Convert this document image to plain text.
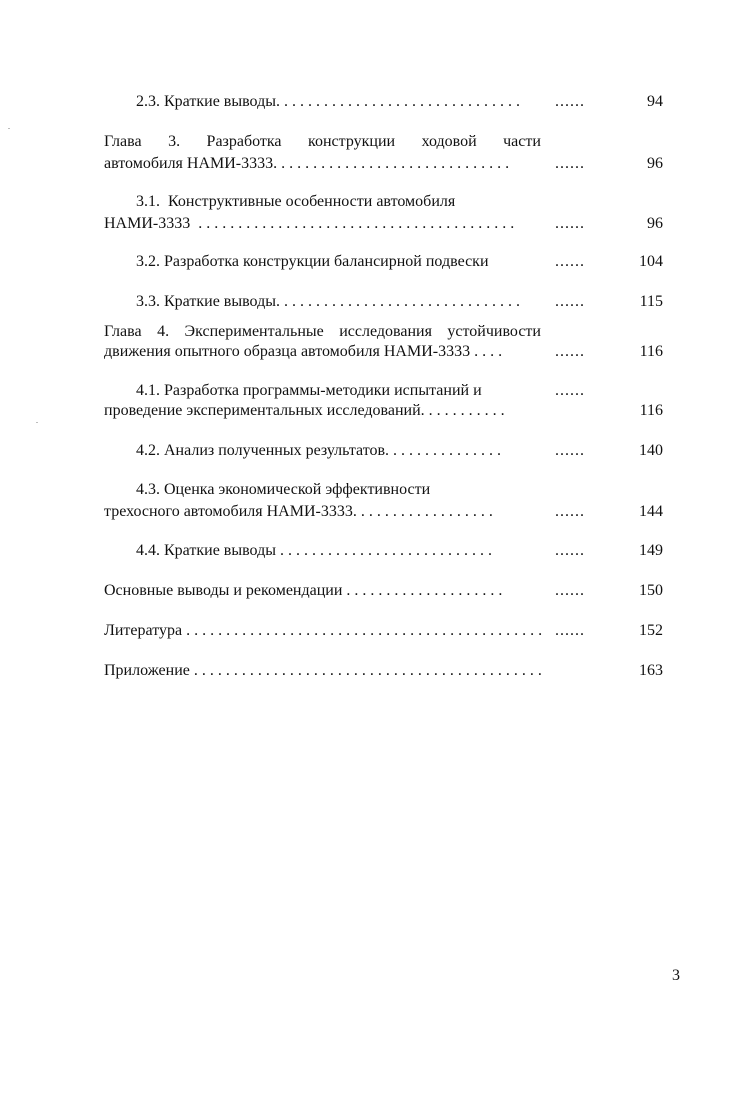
2.3. Краткие выводы. . . . . . . . . . . . . . . . . . . . . . . . . . . . . . . ......	94
Глава 3. Разработка конструкции ходовой части
автомобиля НАМИ-3333. . . . . . . . . . . . . . . . . . . . . . . . . . . . . .	......	96
3.1.  Конструктивные особенности автомобиля
НАМИ-3333  . . . . . . . . . . . . . . . . . . . . . . . . . . . . . . . . . . . . . . . .	......	96
3.2. Разработка конструкции балансирной подвески	......	104
3.3. Краткие выводы. . . . . . . . . . . . . . . . . . . . . . . . . . . . . . . ......	115
Глава 4. Экспериментальные исследования устойчивости
движения опытного образца автомобиля НАМИ-3333 . . . .	......	116
4.1. Разработка программы-методики испытаний и	......
проведение экспериментальных исследований. . . . . . . . . . .	116
4.2. Анализ полученных результатов. . . . . . . . . . . . . . .	......	140
4.3. Оценка экономической эффективности
трехосного автомобиля НАМИ-3333. . . . . . . . . . . . . . . . . .	......	144
4.4. Краткие выводы . . . . . . . . . . . . . . . . . . . . . . . . . . .	......	149
Основные выводы и рекомендации . . . . . . . . . . . . . . . . . . . .	......	150
Литература . . . . . . . . . . . . . . . . . . . . . . . . . . . . . . . . . . . . . . . . . . . . . ......	152
Приложение . . . . . . . . . . . . . . . . . . . . . . . . . . . . . . . . . . . . . . . . . . . .	163
3
